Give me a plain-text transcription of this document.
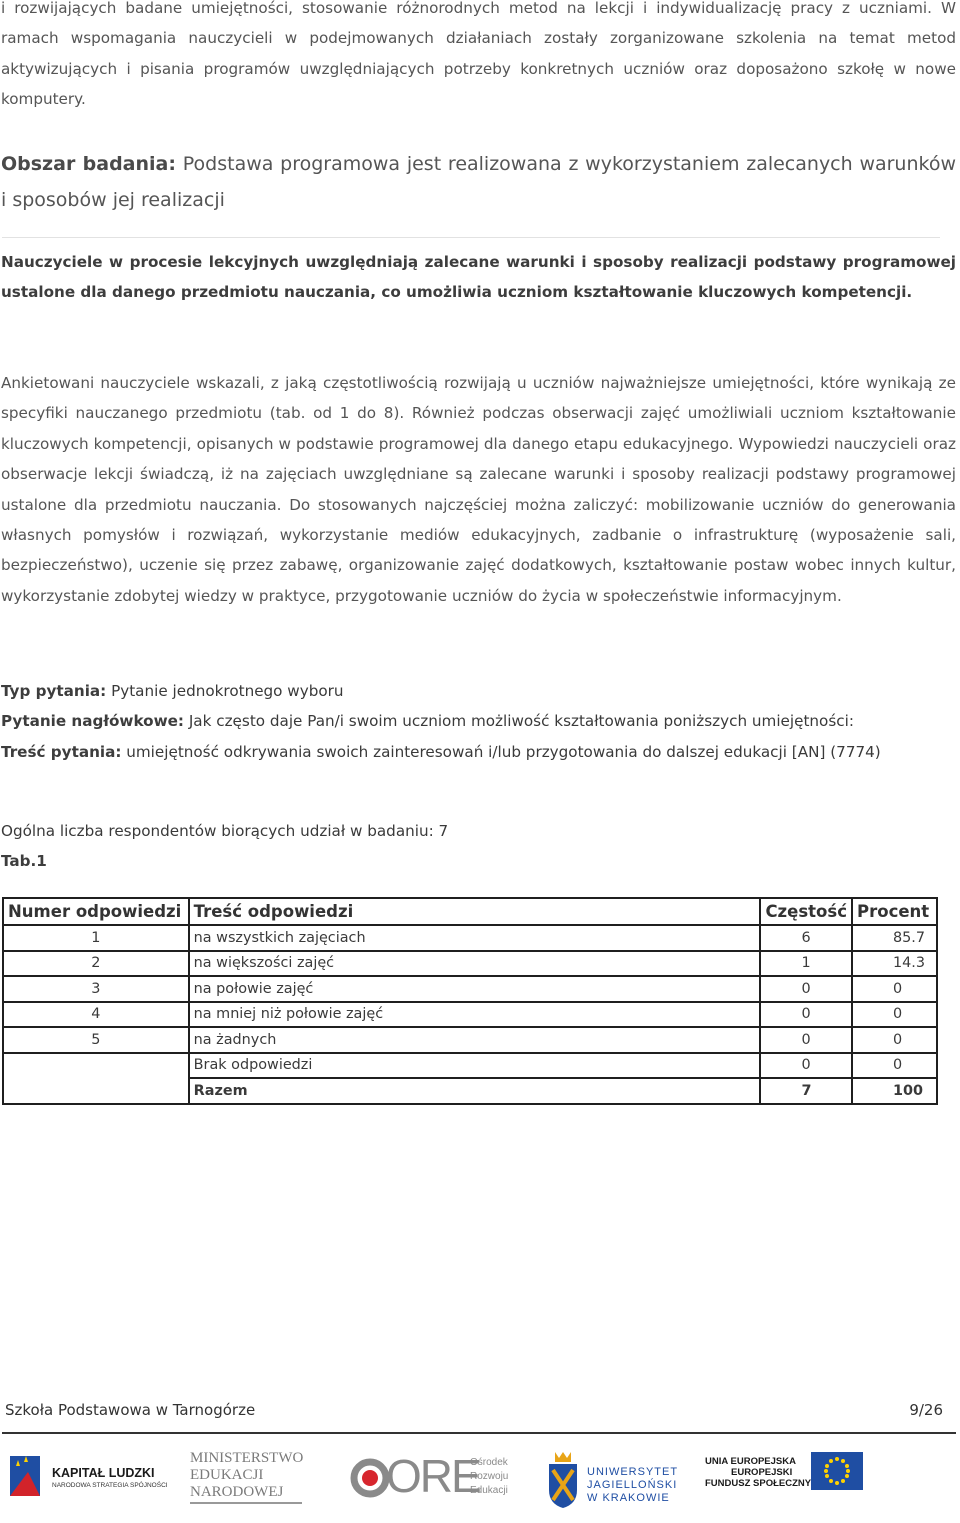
i rozwijających badane umiejętności, stosowanie różnorodnych metod na lekcji i indywidualizację pracy z uczniami. W ramach wspomagania nauczycieli w podejmowanych działaniach zostały zorganizowane szkolenia na temat metod aktywizujących i pisania programów uwzględniających potrzeby konkretnych uczniów oraz doposażono szkołę w nowe komputery.
Obszar badania: Podstawa programowa jest realizowana z wykorzystaniem zalecanych warunków i sposobów jej realizacji
Nauczyciele w procesie lekcyjnych uwzględniają zalecane warunki i sposoby realizacji podstawy programowej ustalone dla danego przedmiotu nauczania, co umożliwia uczniom kształtowanie kluczowych kompetencji.
Ankietowani nauczyciele wskazali, z jaką częstotliwością rozwijają u uczniów najważniejsze umiejętności, które wynikają ze specyfiki nauczanego przedmiotu (tab. od 1 do 8). Również podczas obserwacji zajęć umożliwiali uczniom kształtowanie kluczowych kompetencji, opisanych w podstawie programowej dla danego etapu edukacyjnego. Wypowiedzi nauczycieli oraz obserwacje lekcji świadczą, iż na zajęciach uwzględniane są zalecane warunki i sposoby realizacji podstawy programowej ustalone dla przedmiotu nauczania. Do stosowanych najczęściej można zaliczyć: mobilizowanie uczniów do generowania własnych pomysłów i rozwiązań, wykorzystanie mediów edukacyjnych, zadbanie o infrastrukturę (wyposażenie sali, bezpieczeństwo), uczenie się przez zabawę, organizowanie zajęć dodatkowych, kształtowanie postaw wobec innych kultur, wykorzystanie zdobytej wiedzy w praktyce, przygotowanie uczniów do życia w społeczeństwie informacyjnym.
Typ pytania: Pytanie jednokrotnego wyboru
Pytanie nagłówkowe: Jak często daje Pan/i swoim uczniom możliwość kształtowania poniższych umiejętności:
Treść pytania: umiejętność odkrywania swoich zainteresowań i/lub przygotowania do dalszej edukacji [AN] (7774)
Ogólna liczba respondentów biorących udział w badaniu: 7
Tab.1
Numer odpowiedzi	Treść odpowiedzi	Częstość	Procent
1	na wszystkich zajęciach	6	85.7
2	na większości zajęć	1	14.3
3	na połowie zajęć	0	0
4	na mniej niż połowie zajęć	0	0
5	na żadnych	0	0
	Brak odpowiedzi	0	0
	Razem	7	100
Szkoła Podstawowa w Tarnogórze	9/26
KAPITAŁ LUDZKI
NARODOWA STRATEGIA SPÓJNOŚCI
MINISTERSTWO
EDUKACJI
NARODOWEJ	ORE
Ośrodek
Rozwoju
Edukacji
UNIWERSYTET
JAGIELLOŃSKI
W KRAKOWIE
UNIA EUROPEJSKA
EUROPEJSKI
FUNDUSZ SPOŁECZNY
